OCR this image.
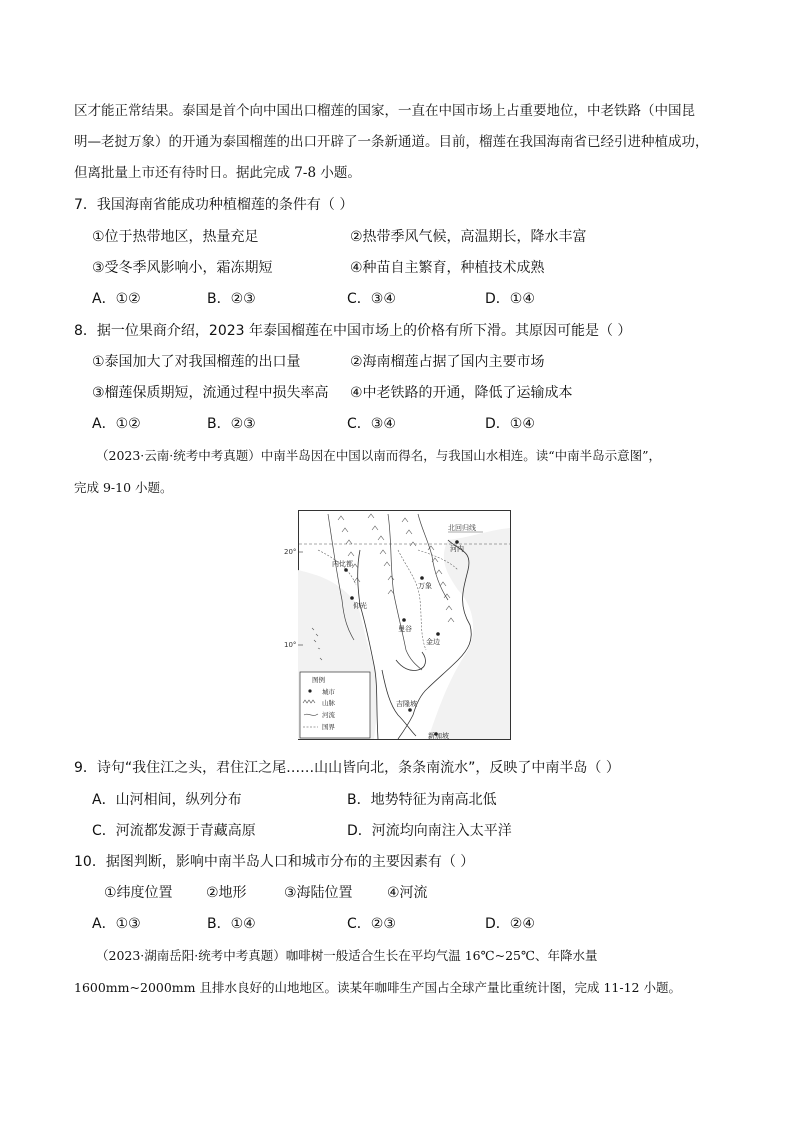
区才能正常结果。泰国是首个向中国出口榴莲的国家，一直在中国市场上占重要地位，中老铁路（中国昆
明—老挝万象）的开通为泰国榴莲的出口开辟了一条新通道。目前，榴莲在我国海南省已经引进种植成功，
但离批量上市还有待时日。据此完成 7-8 小题。
7．我国海南省能成功种植榴莲的条件有（ ）
①位于热带地区，热量充足	②热带季风气候，高温期长，降水丰富
③受冬季风影响小，霜冻期短	④种苗自主繁育，种植技术成熟
A．①②	B．②③	C．③④	D．①④
8．据一位果商介绍，2023 年泰国榴莲在中国市场上的价格有所下滑。其原因可能是（ ）
①泰国加大了对我国榴莲的出口量	②海南榴莲占据了国内主要市场
③榴莲保质期短，流通过程中损失率高 ④中老铁路的开通，降低了运输成本
A．①②	B．②③	C．③④	D．①④
（2023·云南·统考中考真题）中南半岛因在中国以南而得名，与我国山水相连。读“中南半岛示意图”，
完成 9-10 小题。
北回归线
20°
10°
河内
内比都
万象
仰光
曼谷
金边
吉隆坡
新加坡
图例
城市
山脉
河流
国界
9．诗句“我住江之头，君住江之尾……山山皆向北，条条南流水”，反映了中南半岛（ ）
A．山河相间，纵列分布	B．地势特征为南高北低
C．河流都发源于青藏高原	D．河流均向南注入太平洋
10．据图判断，影响中南半岛人口和城市分布的主要因素有（ ）
①纬度位置 ②地形	③海陆位置 ④河流
A．①③	B．①④	C．②③	D．②④
（2023·湖南岳阳·统考中考真题）咖啡树一般适合生长在平均气温 16℃~25℃、年降水量
1600mm~2000mm 且排水良好的山地地区。读某年咖啡生产国占全球产量比重统计图，完成 11-12 小题。
